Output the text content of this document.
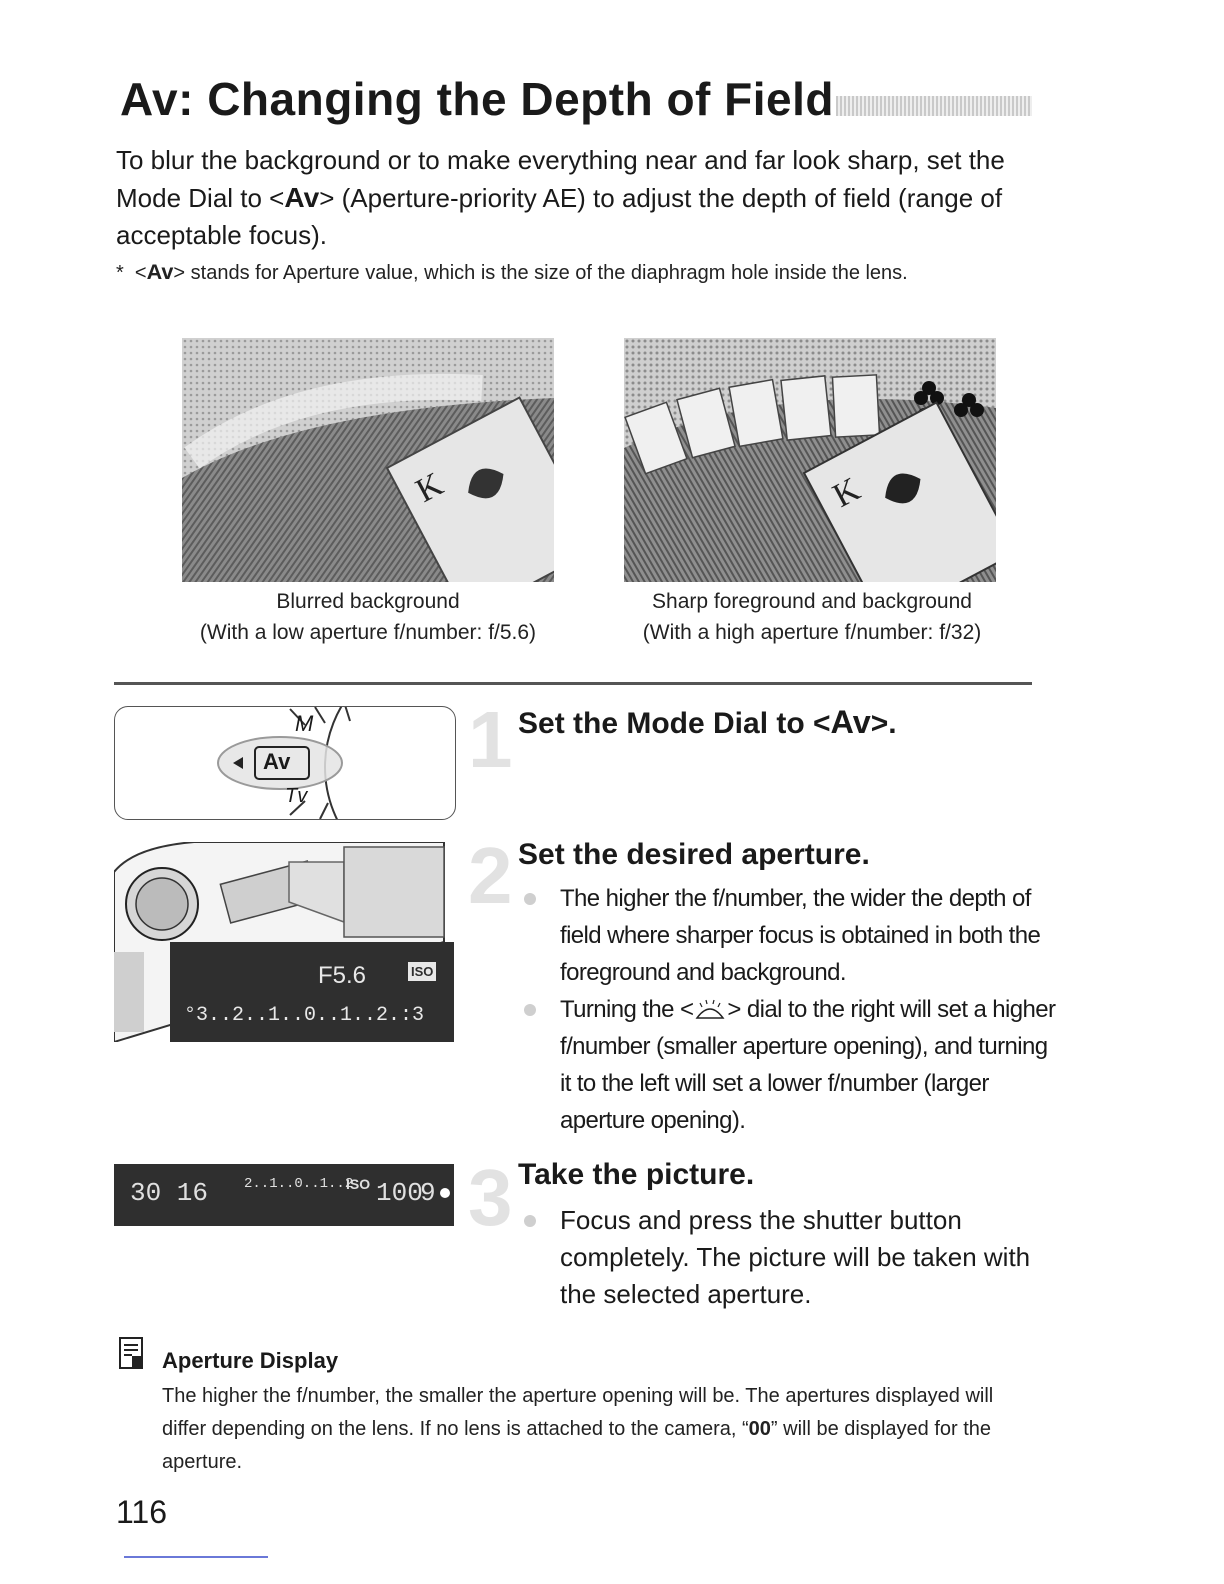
Av: Changing the Depth of Field
To blur the background or to make everything near and far look sharp, set the Mode Dial to <Av> (Aperture-priority AE) to adjust the depth of field (range of acceptable focus).
* <Av> stands for Aperture value, which is the size of the diaphragm hole inside the lens.
K
Blurred background
(With a low aperture f/number: f/5.6)
K
Sharp foreground and background
(With a high aperture f/number: f/32)
M
Av
Tv
F5.6	ISO
°3..2..1..0..1..2.:3
30 16	2..1..0..1..2
ISO 100
9
1 Set the Mode Dial to <Av>.
2 Set the desired aperture.
The higher the f/number, the wider the depth of field where sharper focus is obtained in both the foreground and background.
Turning the < > dial to the right will set a higher f/number (smaller aperture opening), and turning it to the left will set a lower f/number (larger aperture opening).
3 Take the picture.
Focus and press the shutter button completely. The picture will be taken with the selected aperture.
Aperture Display
The higher the f/number, the smaller the aperture opening will be. The apertures displayed will differ depending on the lens. If no lens is attached to the camera, “00” will be displayed for the aperture.
116
